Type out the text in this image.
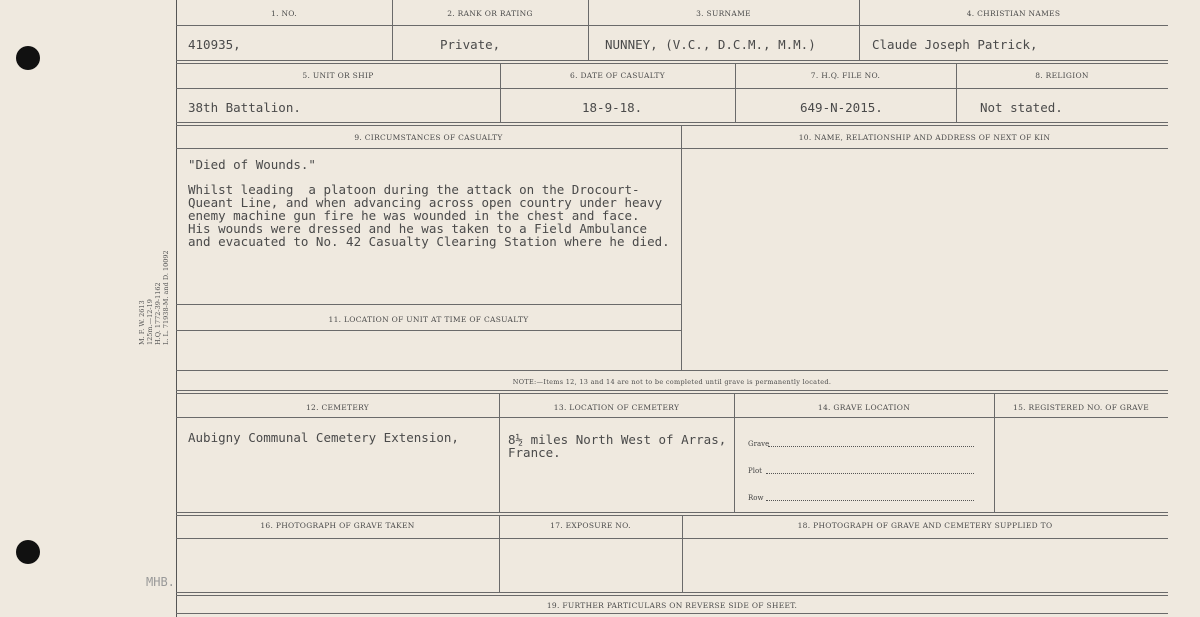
M. F. W. 2613 125m.—12-19 H.Q. 1772-39-1162 L. L. 71938-M. and D. 10092
MHB.
1. NO.	2. RANK OR RATING	3. SURNAME	4. CHRISTIAN NAMES
410935,	Private,	NUNNEY, (V.C., D.C.M., M.M.)	Claude Joseph Patrick,
5. UNIT OR SHIP	6. DATE OF CASUALTY	7. H.Q. FILE NO.	8. RELIGION
38th Battalion.	18-9-18.	649-N-2015.	Not stated.
9. CIRCUMSTANCES OF CASUALTY	10. NAME, RELATIONSHIP AND ADDRESS OF NEXT OF KIN
"Died of Wounds."
Whilst leading  a platoon during the attack on the Drocourt-
Queant Line, and when advancing across open country under heavy
enemy machine gun fire he was wounded in the chest and face.
His wounds were dressed and he was taken to a Field Ambulance
and evacuated to No. 42 Casualty Clearing Station where he died.
11. LOCATION OF UNIT AT TIME OF CASUALTY
NOTE:—Items 12, 13 and 14 are not to be completed until grave is permanently located.
12. CEMETERY	13. LOCATION OF CEMETERY	14. GRAVE LOCATION	15. REGISTERED NO. OF GRAVE
Aubigny Communal Cemetery Extension,	8½ miles North West of Arras,
France.
Grave
Plot
Row
16. PHOTOGRAPH OF GRAVE TAKEN	17. EXPOSURE NO.	18. PHOTOGRAPH OF GRAVE AND CEMETERY SUPPLIED TO
19. FURTHER PARTICULARS ON REVERSE SIDE OF SHEET.
